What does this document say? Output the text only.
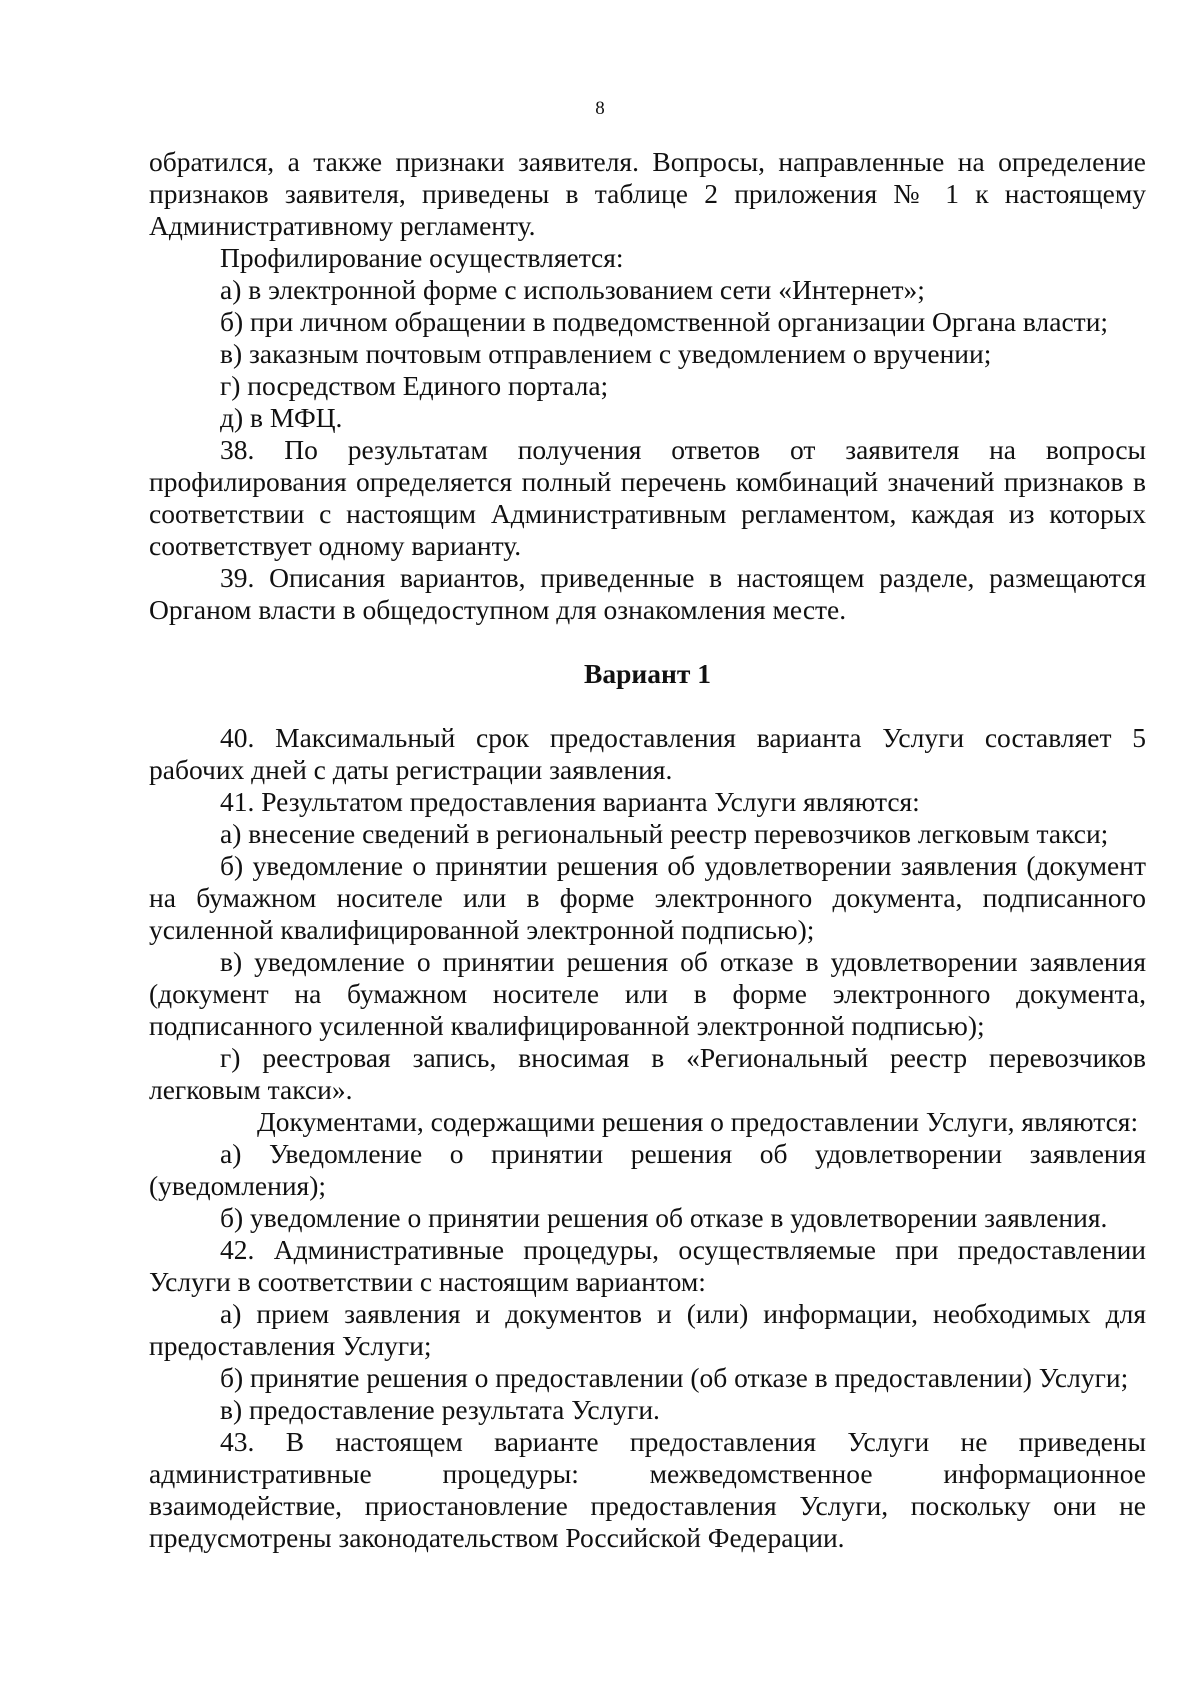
8

обратился, а также признаки заявителя. Вопросы, направленные на определение признаков заявителя, приведены в таблице 2 приложения № 1 к настоящему Административному регламенту.

Профилирование осуществляется:

а) в электронной форме с использованием сети «Интернет»;

б) при личном обращении в подведомственной организации Органа власти;

в) заказным почтовым отправлением с уведомлением о вручении;

г) посредством Единого портала;

д) в МФЦ.

38. По результатам получения ответов от заявителя на вопросы профилирования определяется полный перечень комбинаций значений признаков в соответствии с настоящим Административным регламентом, каждая из которых соответствует одному варианту.

39. Описания вариантов, приведенные в настоящем разделе, размещаются Органом власти в общедоступном для ознакомления месте.

Вариант 1

40. Максимальный срок предоставления варианта Услуги составляет 5 рабочих дней с даты регистрации заявления.

41. Результатом предоставления варианта Услуги являются:

а) внесение сведений в региональный реестр перевозчиков легковым такси;

б) уведомление о принятии решения об удовлетворении заявления (документ на бумажном носителе или в форме электронного документа, подписанного усиленной квалифицированной электронной подписью);

в) уведомление о принятии решения об отказе в удовлетворении заявления (документ на бумажном носителе или в форме электронного документа, подписанного усиленной квалифицированной электронной подписью);

г) реестровая запись, вносимая в «Региональный реестр перевозчиков легковым такси».

Документами, содержащими решения о предоставлении Услуги, являются:

а) Уведомление о принятии решения об удовлетворении заявления (уведомления);

б) уведомление о принятии решения об отказе в удовлетворении заявления.

42. Административные процедуры, осуществляемые при предоставлении Услуги в соответствии с настоящим вариантом:

а) прием заявления и документов и (или) информации, необходимых для предоставления Услуги;

б) принятие решения о предоставлении (об отказе в предоставлении) Услуги;

в) предоставление результата Услуги.

43. В настоящем варианте предоставления Услуги не приведены административные процедуры: межведомственное информационное взаимодействие, приостановление предоставления Услуги, поскольку они не предусмотрены законодательством Российской Федерации.
